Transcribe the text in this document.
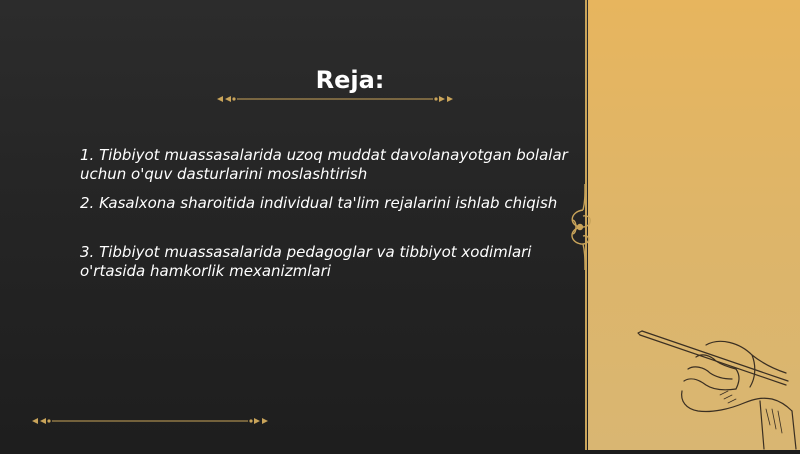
Reja:

1. Tibbiyot muassasalarida uzoq muddat davolanayotgan bolalar uchun o'quv dasturlarini moslashtirish

2. Kasalxona sharoitida individual ta'lim rejalarini ishlab chiqish

3. Tibbiyot muassasalarida pedagoglar va tibbiyot xodimlari o'rtasida hamkorlik mexanizmlari
